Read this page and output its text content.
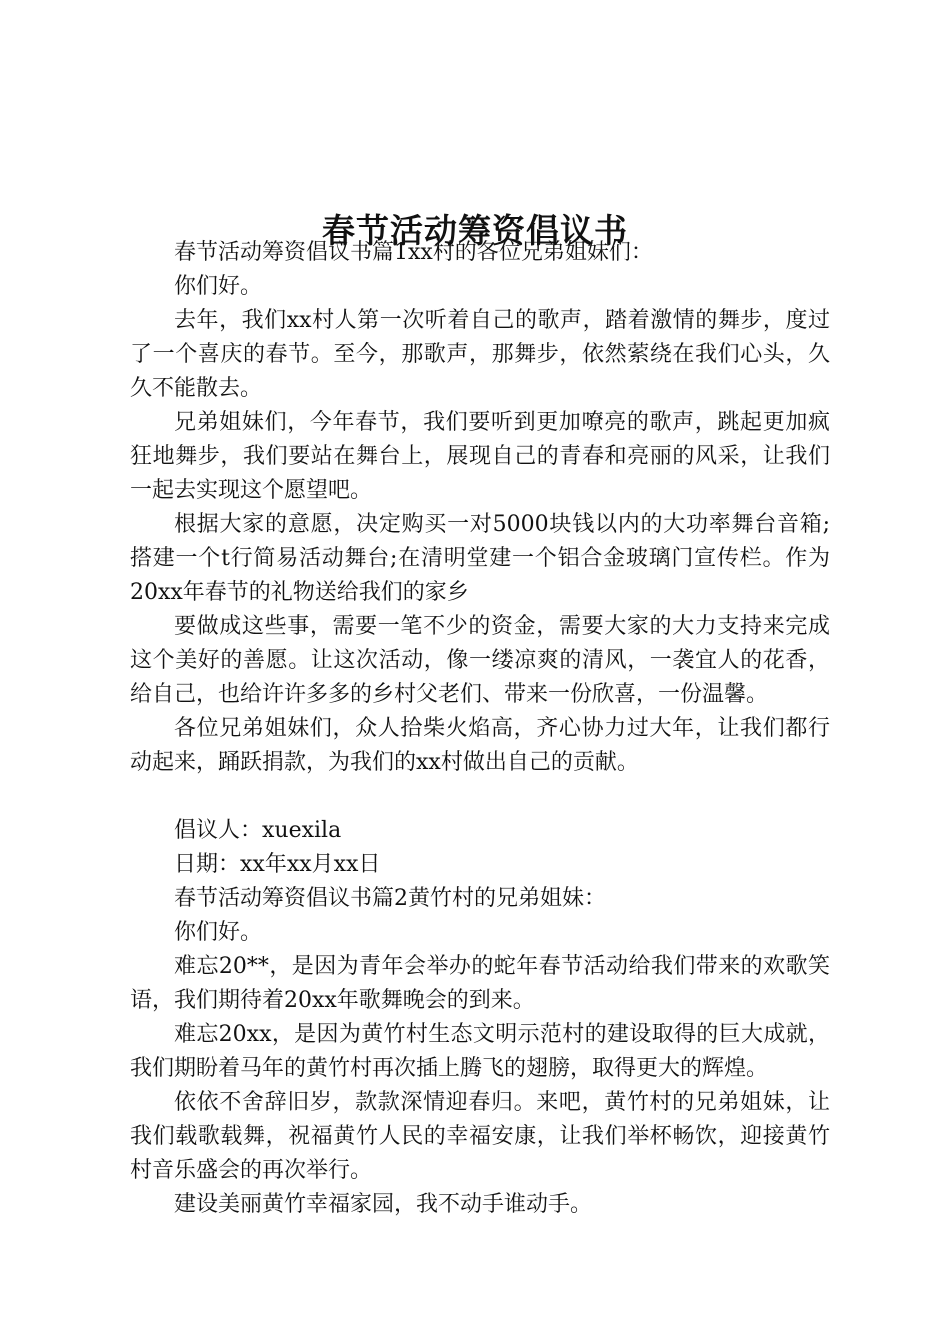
春节活动筹资倡议书

春节活动筹资倡议书篇1xx村的各位兄弟姐妹们：

你们好。

去年，我们xx村人第一次听着自己的歌声，踏着激情的舞步，度过了一个喜庆的春节。至今，那歌声，那舞步，依然萦绕在我们心头，久久不能散去。

兄弟姐妹们，今年春节，我们要听到更加嘹亮的歌声，跳起更加疯狂地舞步，我们要站在舞台上，展现自己的青春和亮丽的风采，让我们一起去实现这个愿望吧。

根据大家的意愿，决定购买一对5000块钱以内的大功率舞台音箱;搭建一个t行简易活动舞台;在清明堂建一个铝合金玻璃门宣传栏。作为20xx年春节的礼物送给我们的家乡

要做成这些事，需要一笔不少的资金，需要大家的大力支持来完成这个美好的善愿。让这次活动，像一缕凉爽的清风，一袭宜人的花香，给自己，也给许许多多的乡村父老们、带来一份欣喜，一份温馨。

各位兄弟姐妹们，众人拾柴火焰高，齐心协力过大年，让我们都行动起来，踊跃捐款，为我们的xx村做出自己的贡献。

倡议人：xuexila

日期：xx年xx月xx日

春节活动筹资倡议书篇2黄竹村的兄弟姐妹：

你们好。

难忘20**，是因为青年会举办的蛇年春节活动给我们带来的欢歌笑语，我们期待着20xx年歌舞晚会的到来。

难忘20xx，是因为黄竹村生态文明示范村的建设取得的巨大成就，我们期盼着马年的黄竹村再次插上腾飞的翅膀，取得更大的辉煌。

依依不舍辞旧岁，款款深情迎春归。来吧，黄竹村的兄弟姐妹，让我们载歌载舞，祝福黄竹人民的幸福安康，让我们举杯畅饮，迎接黄竹村音乐盛会的再次举行。

建设美丽黄竹幸福家园，我不动手谁动手。
